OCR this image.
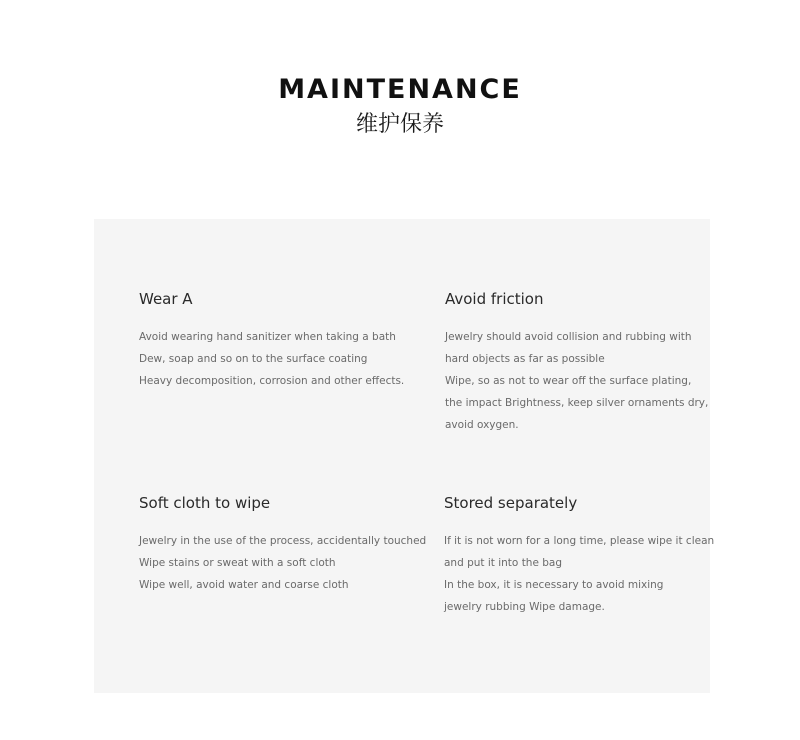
MAINTENANCE
维护保养
Wear A
Avoid wearing hand sanitizer when taking a bath
Dew, soap and so on to the surface coating
Heavy decomposition, corrosion and other effects.
Avoid friction
Jewelry should avoid collision and rubbing with
hard objects as far as possible
Wipe, so as not to wear off the surface plating,
the impact Brightness, keep silver ornaments dry,
avoid oxygen.
Soft cloth to wipe
Jewelry in the use of the process, accidentally touched
Wipe stains or sweat with a soft cloth
Wipe well, avoid water and coarse cloth
Stored separately
If it is not worn for a long time, please wipe it clean
and put it into the bag
In the box, it is necessary to avoid mixing
jewelry rubbing Wipe damage.
